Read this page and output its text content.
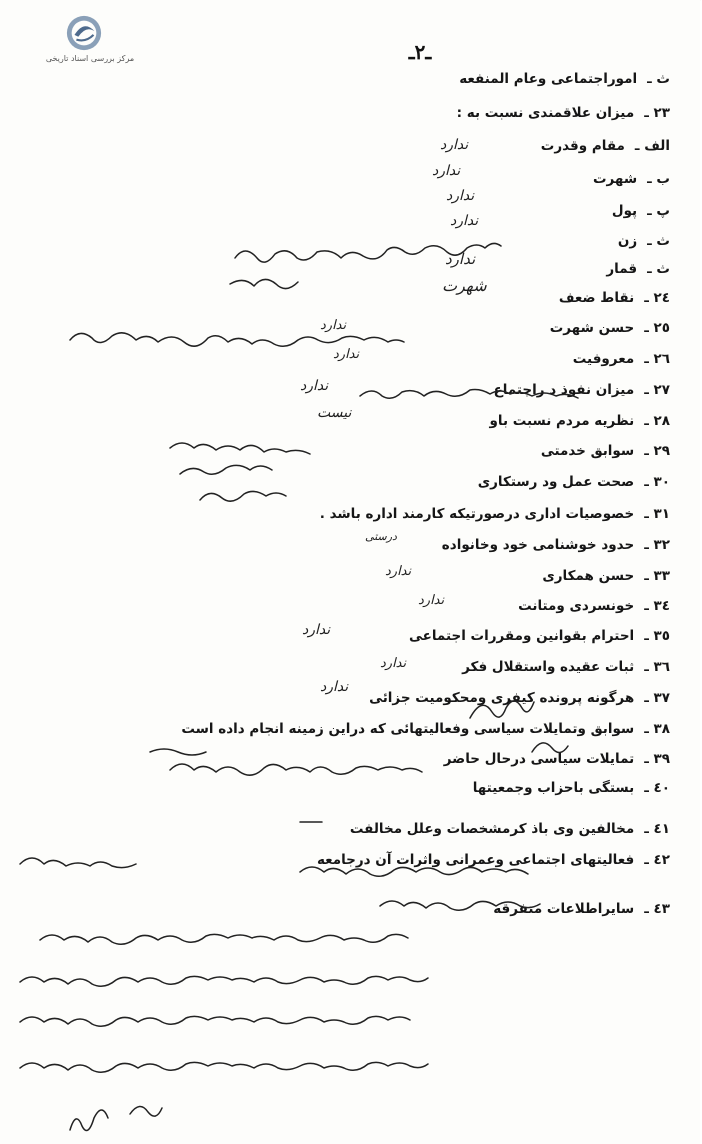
مرکز بررسی اسناد تاریخی	ـ٢ـ
ث ـاموراجتماعی وعام المنفعه
٢٣ ـمیزان علاقمندی نسبت به :
الف ـمقام وقدرت
ب ـشهرت
پ ـپول
ث ـزن
ث ـقمار
٢٤ ـنقاط ضعف
٢٥ ـحسن شهرت
٢٦ ـمعروفیت
٢٧ ـمیزان نفوذ د راجتماع
٢٨ ـنظریه مردم نسبت باو
٢٩ ـسوابق خدمتی
٣٠ ـصحت عمل ود رستکاری
٣١ ـخصوصیات اداری درصورتیکه کارمند اداره باشد .
٣٢ ـحدود خوشنامی خود وخانواده
٣٣ ـحسن همکاری
٣٤ ـخونسردی ومتانت
٣٥ ـاحترام بقوانین ومقررات اجتماعی
٣٦ ـثبات عقیده واستقلال فکر
٣٧ ـهرگونه پرونده کیفری ومحکومیت جزائی
٣٨ ـسوابق وتمایلات سیاسی وفعالیتهائی که دراین زمینه انجام داده است
٣٩ ـتمایلات سیاسی درحال حاضر
٤٠ ـبستگی باحزاب وجمعیتها
٤١ ـمخالفین وی باذ کرمشخصات وعلل مخالفت
٤٢ ـفعالیتهای اجتماعی وعمرانی واثرات آن درجامعه
٤٣ ـسایراطلاعات متفرقه
ندارد
ندارد
ندارد
ندارد
ندارد
شهرت
ندارد
ندارد
ندارد
نیست
درستی
ندارد
ندارد
ندارد
ندارد
ندارد
ندارد
